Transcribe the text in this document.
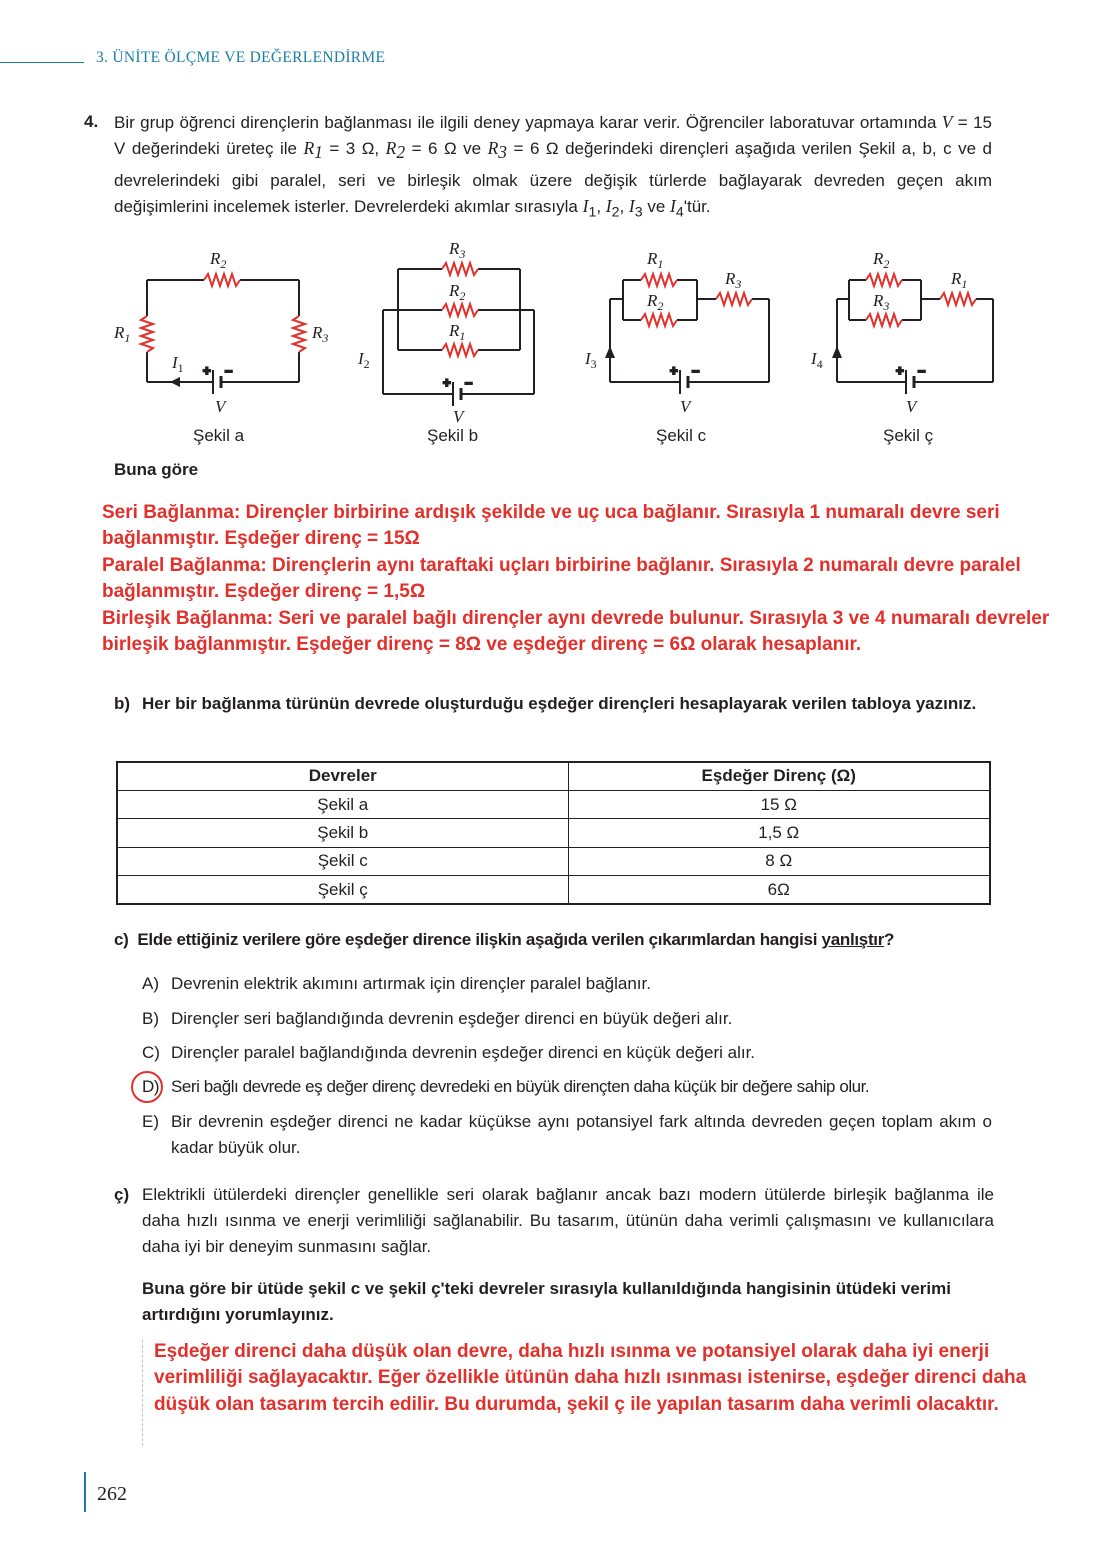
3. ÜNİTE ÖLÇME VE DEĞERLENDİRME
4. Bir grup öğrenci dirençlerin bağlanması ile ilgili deney yapmaya karar verir. Öğrenciler laboratuvar ortamında V = 15 V değerindeki üreteç ile $R_1 = 3$ Ω, $R_2 = 6$ Ω ve $R_3 = 6$ Ω değerindeki dirençleri aşağıda verilen Şekil a, b, c ve d devrelerindeki gibi paralel, seri ve birleşik olmak üzere değişik türlerde bağlayarak devreden geçen akım değişimlerini incelemek isterler. Devrelerdeki akımlar sırasıyla $I_1$, $I_2$, $I_3$ ve $I_4'tür$.
+	–
$R_2$
$R_1$	$R_3$
$I_1$
V
$R_3$
$R_2$
$R_1$
$I_2$
V
$R_1$
$R_2$
$R_3$
$I_3$
V
$R_2$
$R_3$
$R_1$
$I_4$
V
Şekil a	Şekil b	Şekil c	Şekil ç
Buna göre
Seri Bağlanma: Dirençler birbirine ardışık şekilde ve uç uca bağlanır. Sırasıyla 1 numaralı devre seri bağlanmıştır. Eşdeğer direnç = 15Ω
Paralel Bağlanma: Dirençlerin aynı taraftaki uçları birbirine bağlanır. Sırasıyla 2 numaralı devre paralel bağlanmıştır. Eşdeğer direnç = 1,5Ω
Birleşik Bağlanma: Seri ve paralel bağlı dirençler aynı devrede bulunur. Sırasıyla 3 ve 4 numaralı devreler birleşik bağlanmıştır. Eşdeğer direnç = 8Ω ve eşdeğer direnç = 6Ω olarak hesaplanır.
b) Her bir bağlanma türünün devrede oluşturduğu eşdeğer dirençleri hesaplayarak verilen tabloya yazınız.
Devreler	Eşdeğer Direnç (Ω)
Şekil a	15 Ω
Şekil b	1,5 Ω
Şekil c	8 Ω
Şekil ç	6Ω
c) Elde ettiğiniz verilere göre eşdeğer dirence ilişkin aşağıda verilen çıkarımlardan hangisi yanlıştır?
A) Devrenin elektrik akımını artırmak için dirençler paralel bağlanır.
B) Dirençler seri bağlandığında devrenin eşdeğer direnci en büyük değeri alır.
C) Dirençler paralel bağlandığında devrenin eşdeğer direnci en küçük değeri alır.
D) Seri bağlı devrede eş değer direnç devredeki en büyük dirençten daha küçük bir değere sahip olur.
E) Bir devrenin eşdeğer direnci ne kadar küçükse aynı potansiyel fark altında devreden geçen toplam akım o kadar büyük olur.
ç) Elektrikli ütülerdeki dirençler genellikle seri olarak bağlanır ancak bazı modern ütülerde birleşik bağlanma ile daha hızlı ısınma ve enerji verimliliği sağlanabilir. Bu tasarım, ütünün daha verimli çalışmasını ve kullanıcılara daha iyi bir deneyim sunmasını sağlar.
Buna göre bir ütüde şekil c ve şekil ç'teki devreler sırasıyla kullanıldığında hangisinin ütüdeki verimi artırdığını yorumlayınız.
Eşdeğer direnci daha düşük olan devre, daha hızlı ısınma ve potansiyel olarak daha iyi enerji verimliliği sağlayacaktır. Eğer özellikle ütünün daha hızlı ısınması istenirse, eşdeğer direnci daha düşük olan tasarım tercih edilir. Bu durumda, şekil ç ile yapılan tasarım daha verimli olacaktır.
262
